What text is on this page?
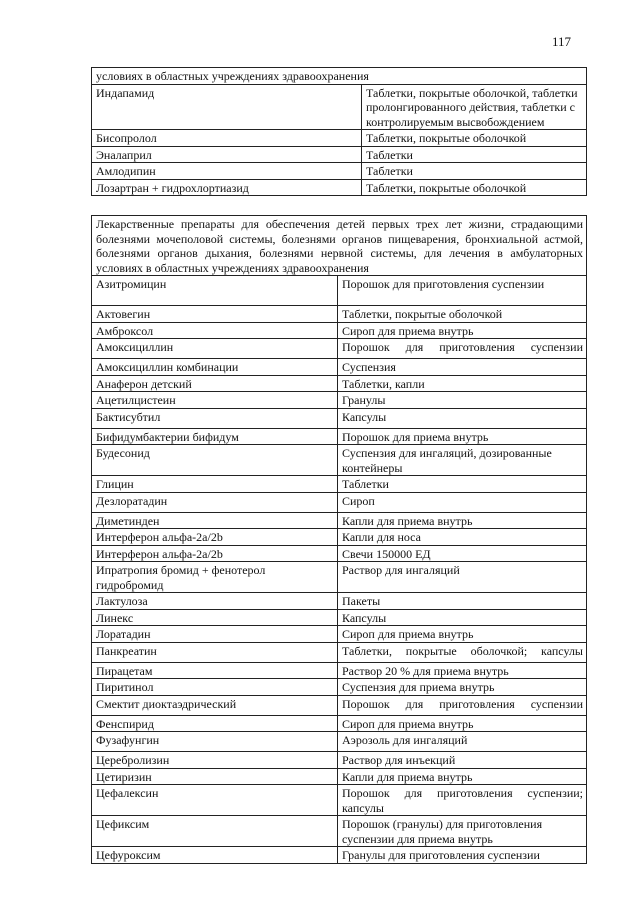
117
условиях в областных учреждениях здравоохранения	
Индапамид	Таблетки, покрытые оболочкой, таблетки пролонгированного действия, таблетки с контролируемым высвобождением
Бисопролол	Таблетки, покрытые оболочкой
Эналаприл	Таблетки
Амлодипин	Таблетки
Лозартран + гидрохлортиазид	Таблетки, покрытые оболочкой
Лекарственные препараты для обеспечения детей первых трех лет жизни, страдающими болезнями мочеполовой системы, болезнями органов пищеварения, бронхиальной астмой, болезнями органов дыхания, болезнями нервной системы, для лечения в амбулаторных условиях в областных учреждениях здравоохранения	
Азитромицин	Порошок для приготовления суспензии
Актовегин	Таблетки, покрытые оболочкой
Амброксол	Сироп для приема внутрь
Амоксициллин	Порошок для приготовления суспензии
Амоксициллин комбинации	Суспензия
Анаферон детский	Таблетки, капли
Ацетилцистеин	Гранулы
Бактисубтил	Капсулы
Бифидумбактерии бифидум	Порошок для приема внутрь
Будесонид	Суспензия для ингаляций, дозированные контейнеры
Глицин	Таблетки
Дезлоратадин	Сироп
Диметинден	Капли для приема внутрь
Интерферон альфа-2а/2b	Капли для носа
Интерферон альфа-2а/2b	Свечи 150000 ЕД
Ипратропия бромид + фенотерол гидробромид	Раствор для ингаляций
Лактулоза	Пакеты
Линекс	Капсулы
Лоратадин	Сироп для приема внутрь
Панкреатин	Таблетки, покрытые оболочкой; капсулы
Пирацетам	Раствор 20 % для приема внутрь
Пиритинол	Суспензия для приема внутрь
Смектит диоктаэдрический	Порошок для приготовления суспензии
Фенспирид	Сироп для приема внутрь
Фузафунгин	Аэрозоль для ингаляций
Церебролизин	Раствор для инъекций
Цетиризин	Капли для приема внутрь
Цефалексин	Порошок для приготовления суспензии; капсулы
Цефиксим	Порошок (гранулы) для приготовления суспензии для приема внутрь
Цефуроксим	Гранулы для приготовления суспензии
